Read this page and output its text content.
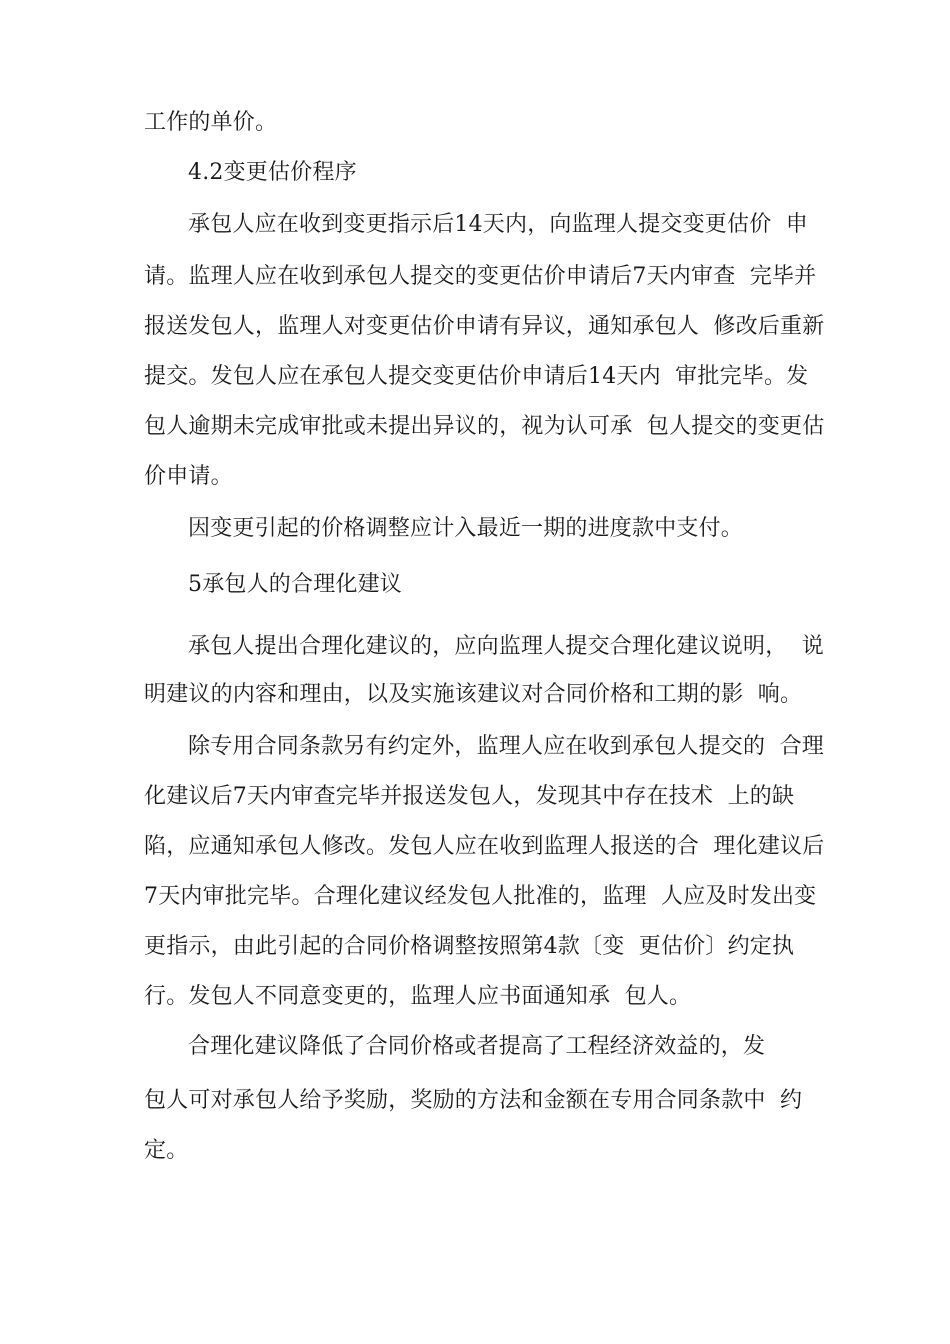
工作的单价。
4.2变更估价程序
承包人应在收到变更指示后14天内，向监理人提交变更估价  申
请。监理人应在收到承包人提交的变更估价申请后7天内审查  完毕并
报送发包人，监理人对变更估价申请有异议，通知承包人  修改后重新
提交。发包人应在承包人提交变更估价申请后14天内  审批完毕。发
包人逾期未完成审批或未提出异议的，视为认可承  包人提交的变更估
价申请。
因变更引起的价格调整应计入最近一期的进度款中支付。
5承包人的合理化建议
承包人提出合理化建议的，应向监理人提交合理化建议说明，  说
明建议的内容和理由，以及实施该建议对合同价格和工期的影  响。
除专用合同条款另有约定外，监理人应在收到承包人提交的  合理
化建议后7天内审查完毕并报送发包人，发现其中存在技术  上的缺
陷，应通知承包人修改。发包人应在收到监理人报送的合  理化建议后
7天内审批完毕。合理化建议经发包人批准的，监理  人应及时发出变
更指示，由此引起的合同价格调整按照第4款〔变  更估价〕约定执
行。发包人不同意变更的，监理人应书面通知承  包人。
合理化建议降低了合同价格或者提高了工程经济效益的，发
包人可对承包人给予奖励，奖励的方法和金额在专用合同条款中  约
定。
